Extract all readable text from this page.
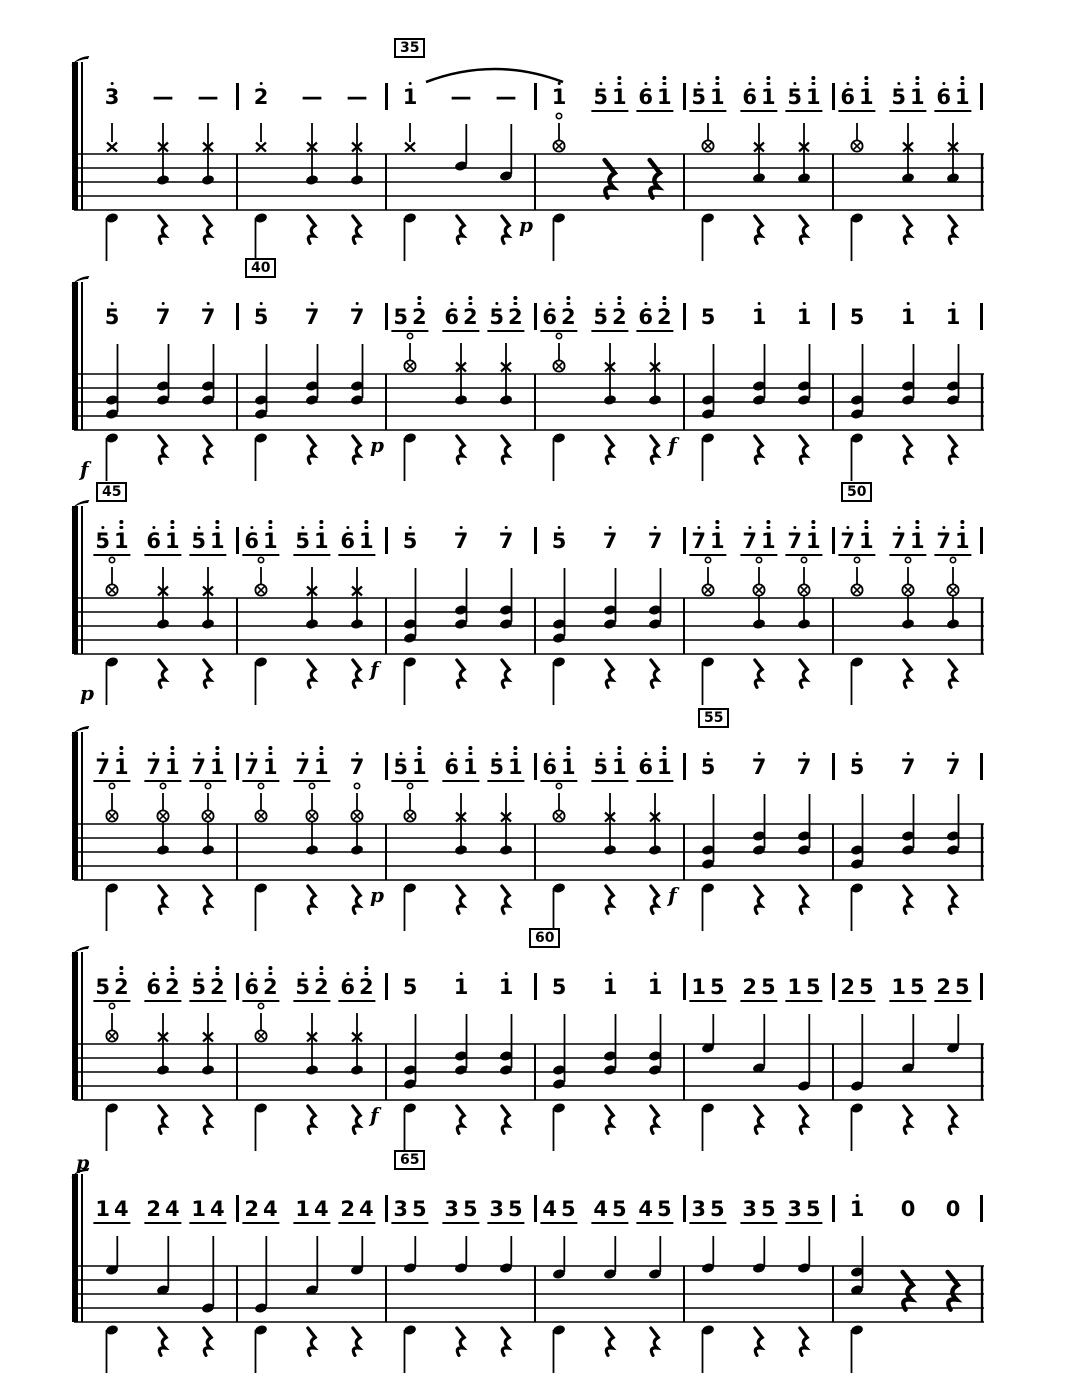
35
3 — — 2 — — 1 — — 1 5 1 6 1 5 1 6 1 5 1 6 1 5 1 6 1
p
40
5 7 7 5 7 7 5 2 6 2 5 2 6 2 5 2 6 2 5 1 1 5 1 1
f
p	f
45	50
5 1 6 1 5 1 6 1 5 1 6 1 5 7 7 5 7 7 7 1 7 1 7 1 7 1 7 1 7 1
p
f
55
7 1 7 1 7 1 7 1 7 1 7 5 1 6 1 5 1 6 1 5 1 6 1 5 7 7 5 7 7
p	f
60
5 2 6 2 5 2 6 2 5 2 6 2 5 1 1 5 1 1 1 5 2 5 1 5 2 5 1 5 2 5
f
65
1 4 2 4 1 4 2 4 1 4 2 4 3 5 3 5 3 5 4 5 4 5 4 5 3 5 3 5 3 5 1 0 0
p
